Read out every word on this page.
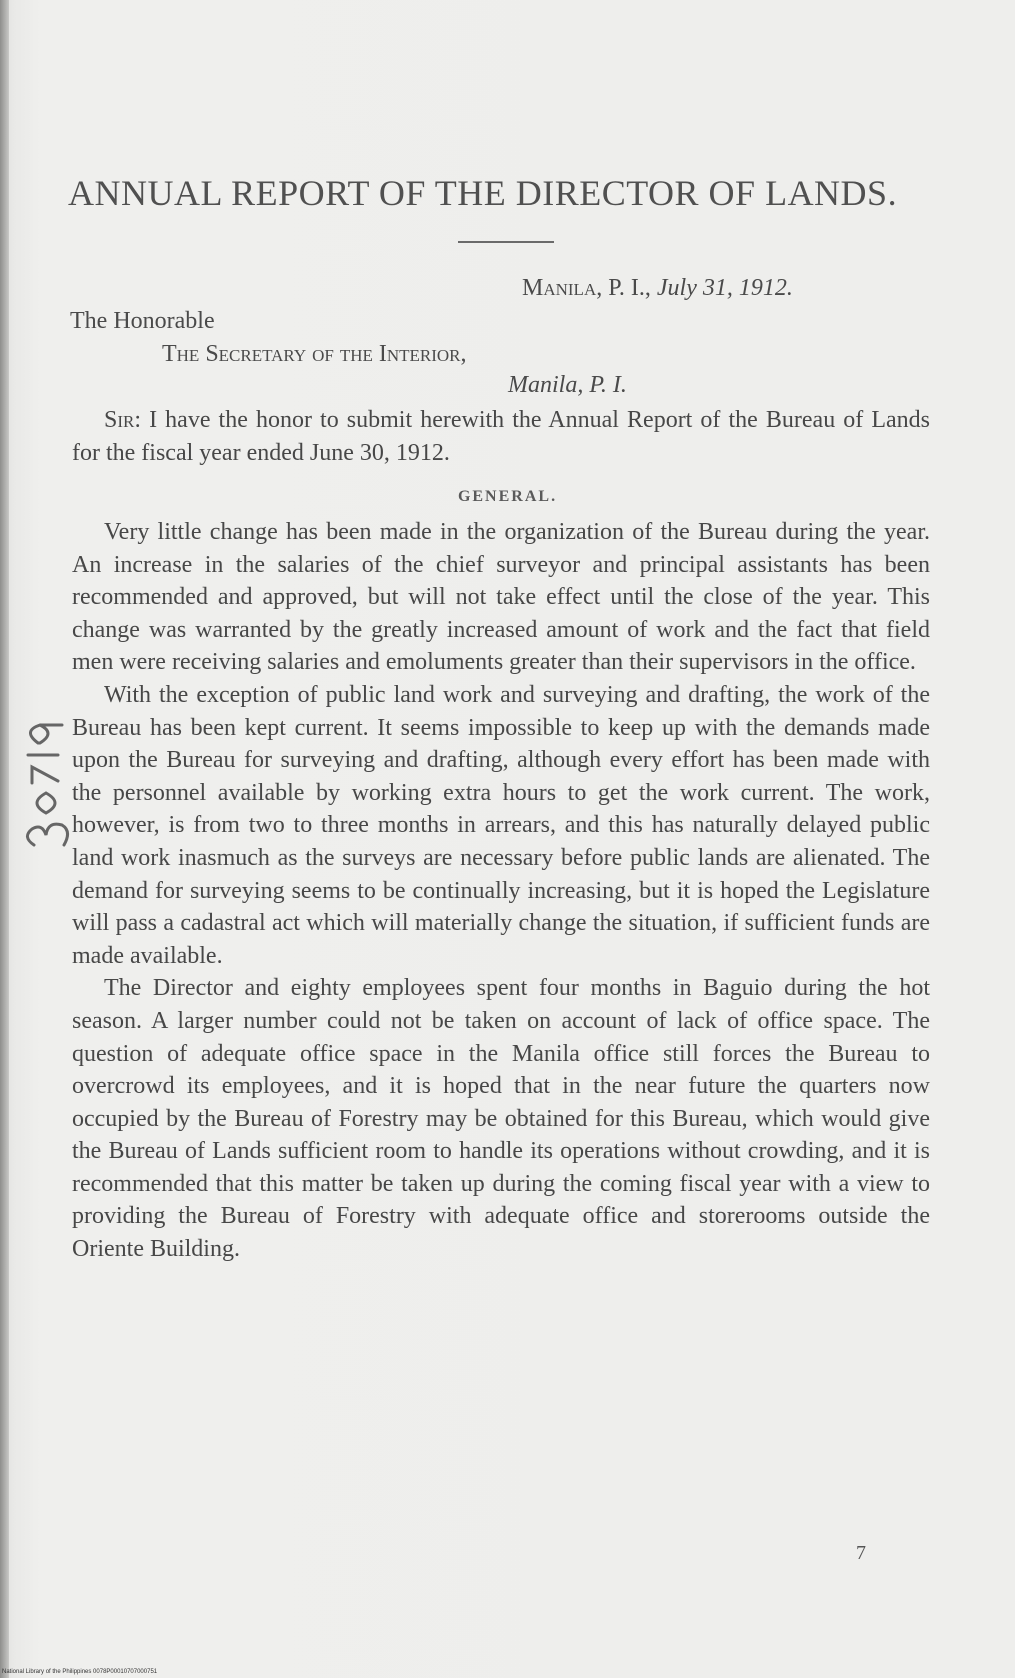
ANNUAL REPORT OF THE DIRECTOR OF LANDS.
Manila, P. I., July 31, 1912.
The Honorable
The Secretary of the Interior,
Manila, P. I.

Sir: I have the honor to submit herewith the Annual Report of the Bureau of Lands for the fiscal year ended June 30, 1912.

GENERAL.

Very little change has been made in the organization of the Bureau during the year. An increase in the salaries of the chief surveyor and principal assistants has been recommended and approved, but will not take effect until the close of the year. This change was warranted by the greatly increased amount of work and the fact that field men were receiving salaries and emoluments greater than their supervisors in the office.

With the exception of public land work and surveying and drafting, the work of the Bureau has been kept current. It seems impossible to keep up with the demands made upon the Bureau for surveying and drafting, although every effort has been made with the personnel available by working extra hours to get the work current. The work, however, is from two to three months in arrears, and this has naturally delayed public land work inasmuch as the surveys are necessary before public lands are alienated. The demand for surveying seems to be continually increasing, but it is hoped the Legislature will pass a cadastral act which will materially change the situation, if sufficient funds are made available.

The Director and eighty employees spent four months in Baguio during the hot season. A larger number could not be taken on account of lack of office space. The question of adequate office space in the Manila office still forces the Bureau to overcrowd its employees, and it is hoped that in the near future the quarters now occupied by the Bureau of Forestry may be obtained for this Bureau, which would give the Bureau of Lands sufficient room to handle its operations without crowding, and it is recommended that this matter be taken up during the coming fiscal year with a view to providing the Bureau of Forestry with adequate office and storerooms outside the Oriente Building.

7
National Library of the Philippines 0078P00010707000751
